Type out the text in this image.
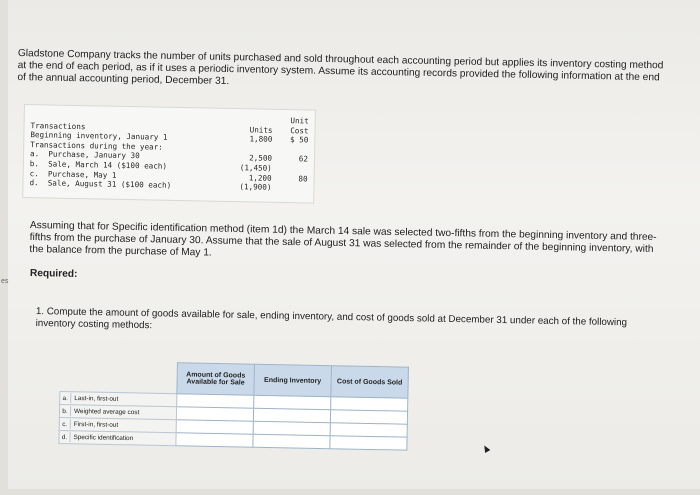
es
Gladstone Company tracks the number of units purchased and sold throughout each accounting period but applies its inventory costing method at the end of each period, as if it uses a periodic inventory system. Assume its accounting records provided the following information at the end of the annual accounting period, December 31.
Transactions	Units	Unit
Cost
Beginning inventory, January 1	1,800	$ 50
Transactions during the year:		
a.  Purchase, January 30	2,500	62
b.  Sale, March 14 ($100 each)	(1,450)	
c.  Purchase, May 1	1,200	80
d.  Sale, August 31 ($100 each)	(1,900)	
Assuming that for Specific identification method (item 1d) the March 14 sale was selected two-fifths from the beginning inventory and three-fifths from the purchase of January 30. Assume that the sale of August 31 was selected from the remainder of the beginning inventory, with the balance from the purchase of May 1.
Required:
1. Compute the amount of goods available for sale, ending inventory, and cost of goods sold at December 31 under each of the following inventory costing methods:
	Amount of Goods Available for Sale	Ending Inventory	Cost of Goods Sold
a. Last-in, first-out			
b. Weighted average cost			
c. First-in, first-out			
d. Specific identification			
